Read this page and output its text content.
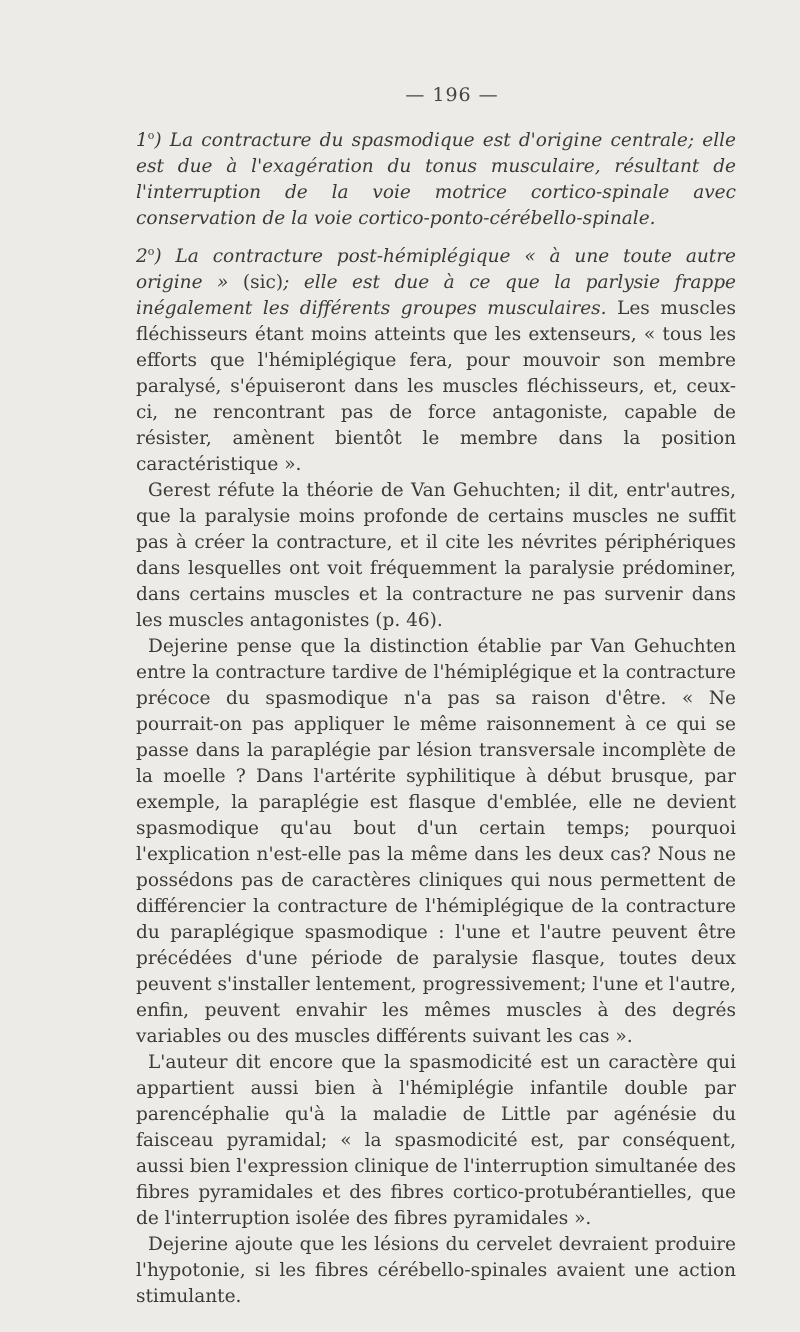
— 196 —

1$^o$) La contracture du spasmodique est d'origine centrale; elle est due à l'exagération du tonus musculaire, résultant de l'interruption de la voie motrice cortico-spinale avec conservation de la voie cortico-ponto-cérébello-spinale.

2$^o$) La contracture post-hémiplégique « à une toute autre origine » (sic); elle est due à ce que la parlysie frappe inégalement les différents groupes musculaires. Les muscles fléchisseurs étant moins atteints que les extenseurs, « tous les efforts que l'hémiplégique fera, pour mouvoir son membre paralysé, s'épuiseront dans les muscles fléchisseurs, et, ceux-ci, ne rencontrant pas de force antagoniste, capable de résister, amènent bientôt le membre dans la position caractéristique ».

Gerest réfute la théorie de Van Gehuchten; il dit, entr'autres, que la paralysie moins profonde de certains muscles ne suffit pas à créer la contracture, et il cite les névrites périphériques dans lesquelles ont voit fréquemment la paralysie prédominer, dans certains muscles et la contracture ne pas survenir dans les muscles antagonistes (p. 46).

Dejerine pense que la distinction établie par Van Gehuchten entre la contracture tardive de l'hémiplégique et la contracture précoce du spasmodique n'a pas sa raison d'être. « Ne pourrait-on pas appliquer le même raisonnement à ce qui se passe dans la paraplégie par lésion transversale incomplète de la moelle ? Dans l'artérite syphilitique à début brusque, par exemple, la paraplégie est flasque d'emblée, elle ne devient spasmodique qu'au bout d'un certain temps; pourquoi l'explication n'est-elle pas la même dans les deux cas? Nous ne possédons pas de caractères cliniques qui nous permettent de différencier la contracture de l'hémiplégique de la contracture du paraplégique spasmodique : l'une et l'autre peuvent être précédées d'une période de paralysie flasque, toutes deux peuvent s'installer lentement, progressivement; l'une et l'autre, enfin, peuvent envahir les mêmes muscles à des degrés variables ou des muscles différents suivant les cas ».

L'auteur dit encore que la spasmodicité est un caractère qui appartient aussi bien à l'hémiplégie infantile double par parencéphalie qu'à la maladie de Little par agénésie du faisceau pyramidal; « la spasmodicité est, par conséquent, aussi bien l'expression clinique de l'interruption simultanée des fibres pyramidales et des fibres cortico-protubérantielles, que de l'interruption isolée des fibres pyramidales ».

Dejerine ajoute que les lésions du cervelet devraient produire l'hypotonie, si les fibres cérébello-spinales avaient une action stimulante.
